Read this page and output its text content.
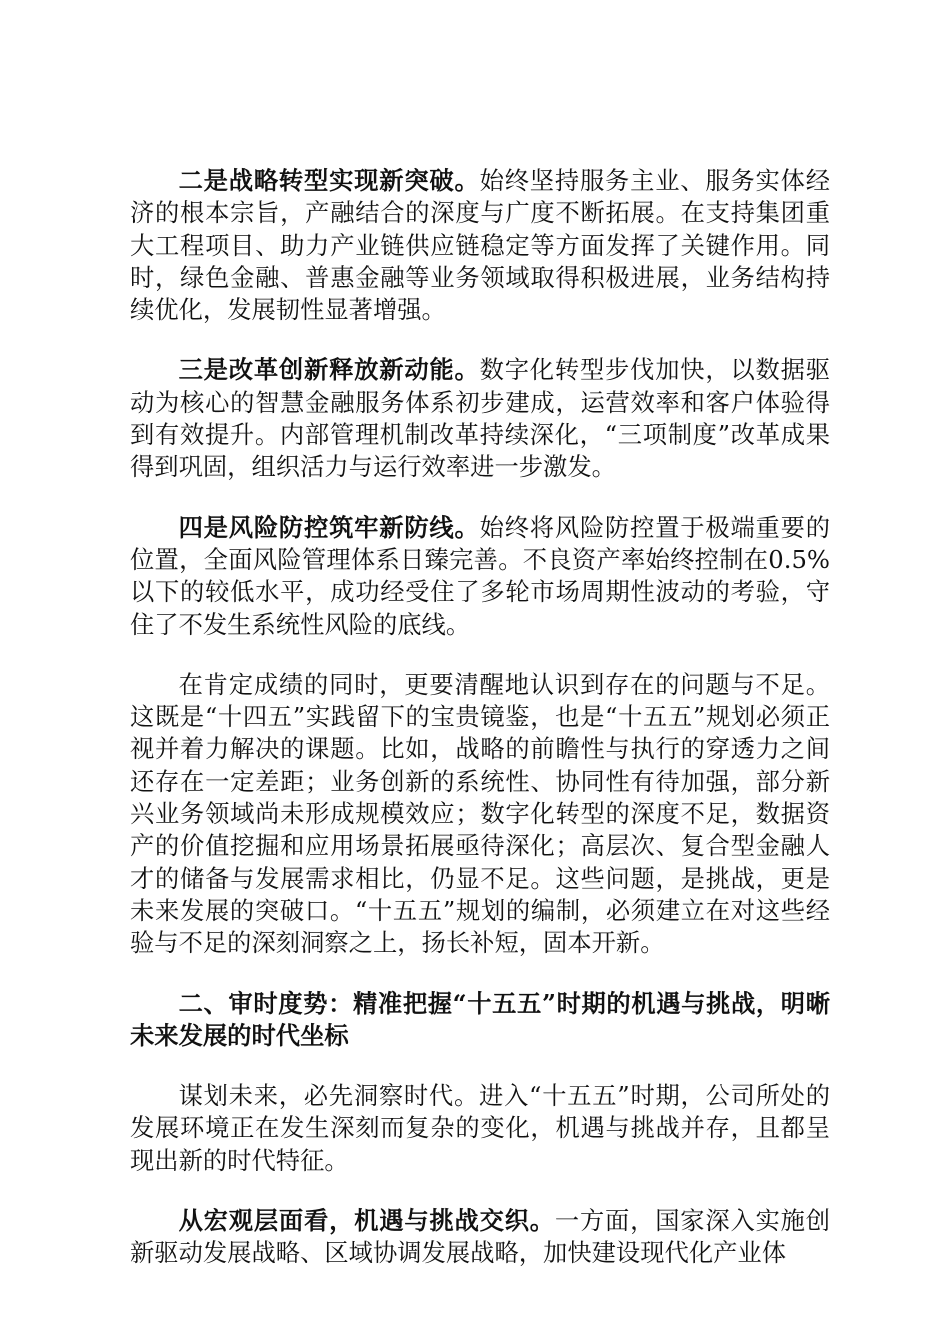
二是战略转型实现新突破。始终坚持服务主业、服务实体经济的根本宗旨，产融结合的深度与广度不断拓展。在支持集团重大工程项目、助力产业链供应链稳定等方面发挥了关键作用。同时，绿色金融、普惠金融等业务领域取得积极进展，业务结构持续优化，发展韧性显著增强。

三是改革创新释放新动能。数字化转型步伐加快，以数据驱动为核心的智慧金融服务体系初步建成，运营效率和客户体验得到有效提升。内部管理机制改革持续深化，“三项制度”改革成果得到巩固，组织活力与运行效率进一步激发。

四是风险防控筑牢新防线。始终将风险防控置于极端重要的位置，全面风险管理体系日臻完善。不良资产率始终控制在0.5%以下的较低水平，成功经受住了多轮市场周期性波动的考验，守住了不发生系统性风险的底线。

在肯定成绩的同时，更要清醒地认识到存在的问题与不足。这既是“十四五”实践留下的宝贵镜鉴，也是“十五五”规划必须正视并着力解决的课题。比如，战略的前瞻性与执行的穿透力之间还存在一定差距；业务创新的系统性、协同性有待加强，部分新兴业务领域尚未形成规模效应；数字化转型的深度不足，数据资产的价值挖掘和应用场景拓展亟待深化；高层次、复合型金融人才的储备与发展需求相比，仍显不足。这些问题，是挑战，更是未来发展的突破口。“十五五”规划的编制，必须建立在对这些经验与不足的深刻洞察之上，扬长补短，固本开新。

二、审时度势：精准把握“十五五”时期的机遇与挑战，明晰未来发展的时代坐标

谋划未来，必先洞察时代。进入“十五五”时期，公司所处的发展环境正在发生深刻而复杂的变化，机遇与挑战并存，且都呈现出新的时代特征。

从宏观层面看，机遇与挑战交织。一方面，国家深入实施创新驱动发展战略、区域协调发展战略，加快建设现代化产业体
